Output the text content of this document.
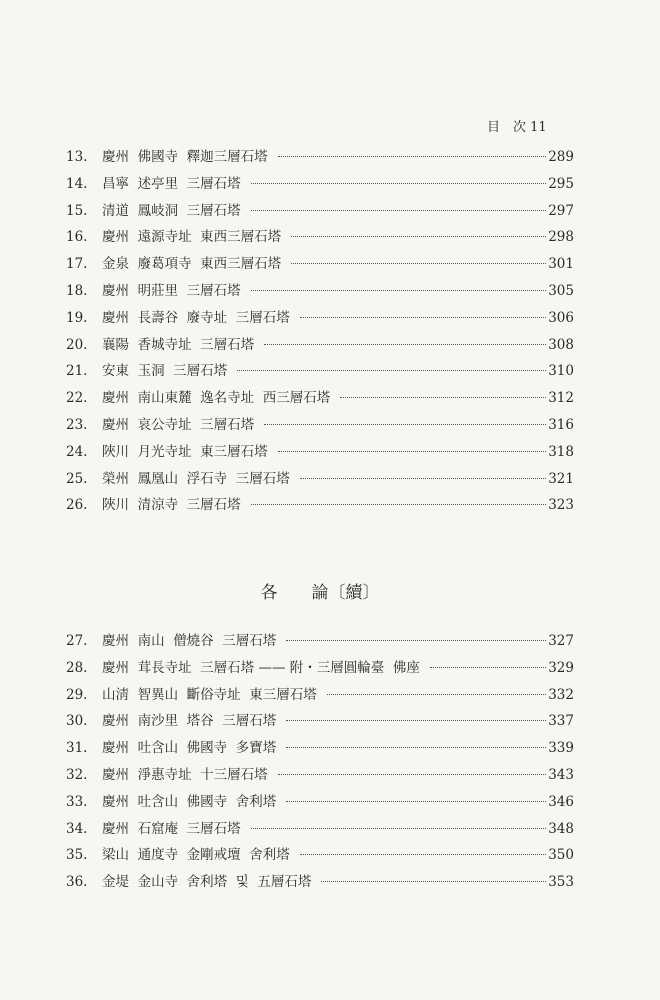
目　次 11
13.	慶州  佛國寺  釋迦三層石塔	289
14.	昌寧  述亭里  三層石塔	295
15.	清道  鳳岐洞  三層石塔	297
16.	慶州  遠源寺址  東西三層石塔	298
17.	金泉  廢葛項寺  東西三層石塔	301
18.	慶州  明莊里  三層石塔	305
19.	慶州  長壽谷  廢寺址  三層石塔	306
20.	襄陽  香城寺址  三層石塔	308
21.	安東  玉洞  三層石塔	310
22.	慶州  南山東麓  逸名寺址  西三層石塔	312
23.	慶州  哀公寺址  三層石塔	316
24.	陜川  月光寺址  東三層石塔	318
25.	榮州  鳳凰山  浮石寺  三層石塔	321
26.	陜川  清涼寺  三層石塔	323
各　　論〔續〕
27.	慶州  南山  僧燒谷  三層石塔	327
28.	慶州  茸長寺址  三層石塔 —— 附・三層圓輪臺  佛座	329
29.	山淸  智異山  斷俗寺址  東三層石塔	332
30.	慶州  南沙里  塔谷  三層石塔	337
31.	慶州  吐含山  佛國寺  多寶塔	339
32.	慶州  淨惠寺址  十三層石塔	343
33.	慶州  吐含山  佛國寺  舍利塔	346
34.	慶州  石窟庵  三層石塔	348
35.	梁山  通度寺  金剛戒壇  舍利塔	350
36.	金堤  金山寺  舍利塔  및  五層石塔	353
